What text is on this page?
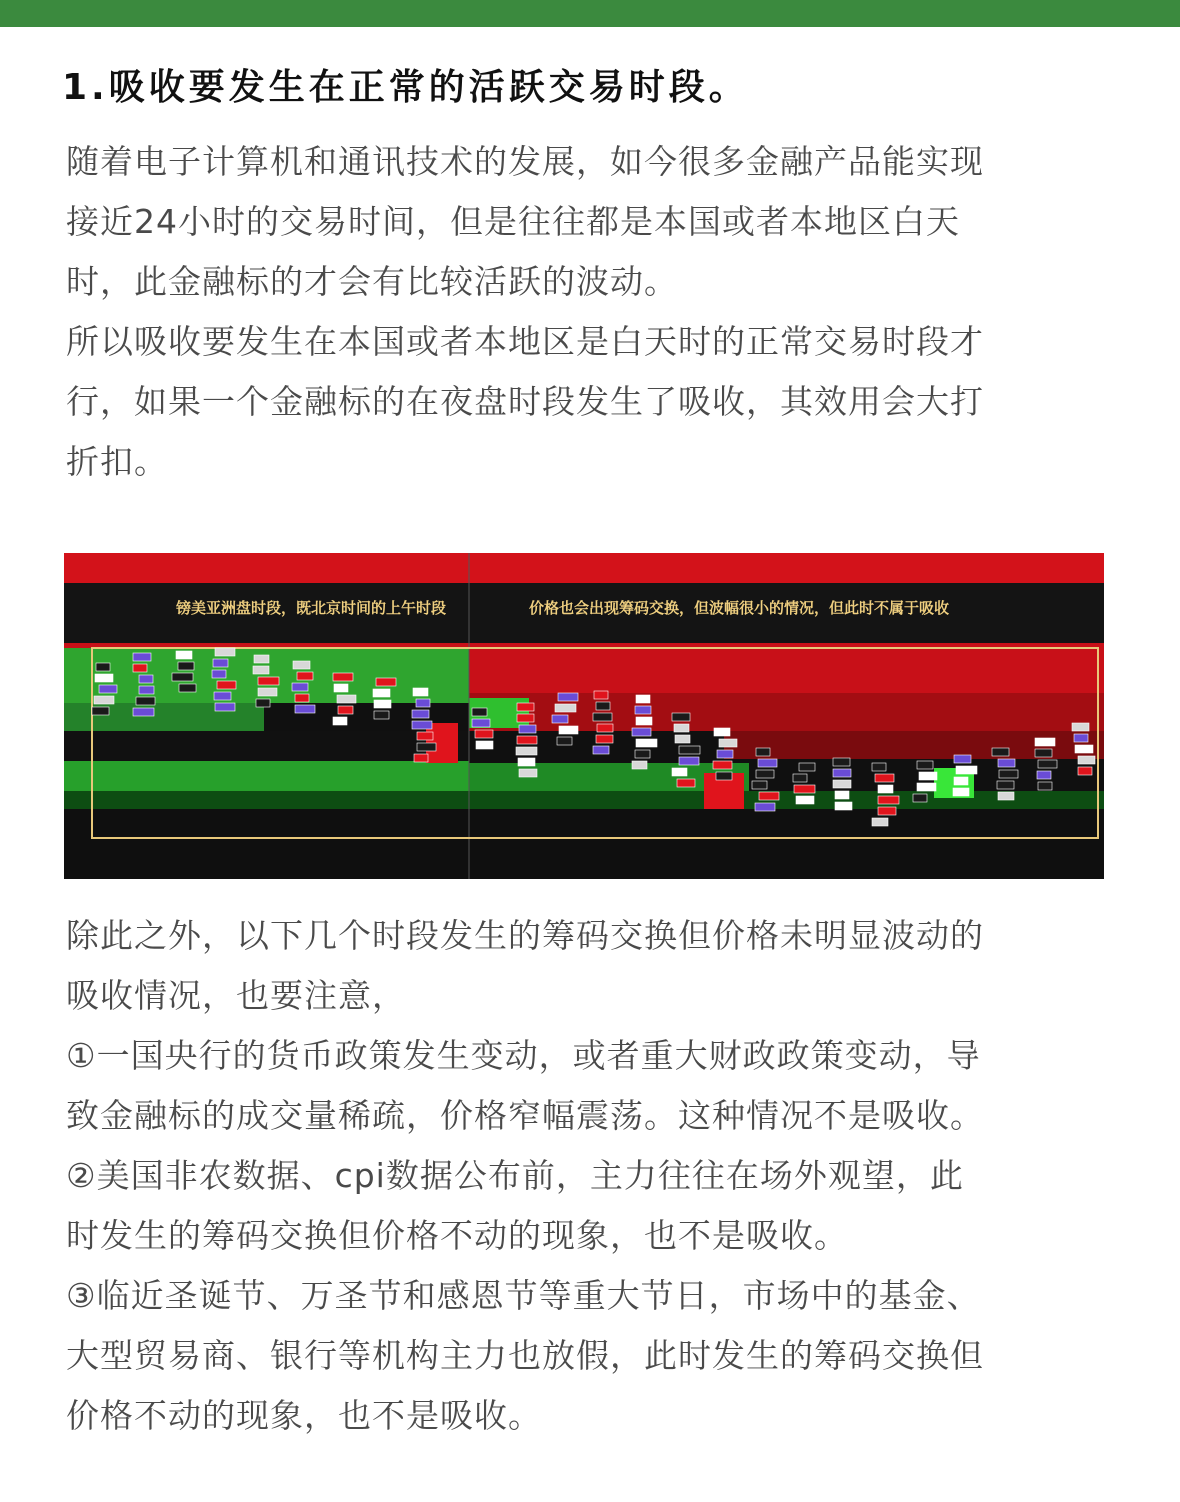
1.吸收要发生在正常的活跃交易时段。
随着电子计算机和通讯技术的发展，如今很多金融产品能实现
接近24小时的交易时间，但是往往都是本国或者本地区白天
时，此金融标的才会有比较活跃的波动。
所以吸收要发生在本国或者本地区是白天时的正常交易时段才
行，如果一个金融标的在夜盘时段发生了吸收，其效用会大打
折扣。
镑美亚洲盘时段，既北京时间的上午时段	价格也会出现筹码交换，但波幅很小的情况，但此时不属于吸收
除此之外，以下几个时段发生的筹码交换但价格未明显波动的
吸收情况，也要注意，
①一国央行的货币政策发生变动，或者重大财政政策变动，导
致金融标的成交量稀疏，价格窄幅震荡。这种情况不是吸收。
②美国非农数据、cpi数据公布前，主力往往在场外观望，此
时发生的筹码交换但价格不动的现象，也不是吸收。
③临近圣诞节、万圣节和感恩节等重大节日，市场中的基金、
大型贸易商、银行等机构主力也放假，此时发生的筹码交换但
价格不动的现象，也不是吸收。
